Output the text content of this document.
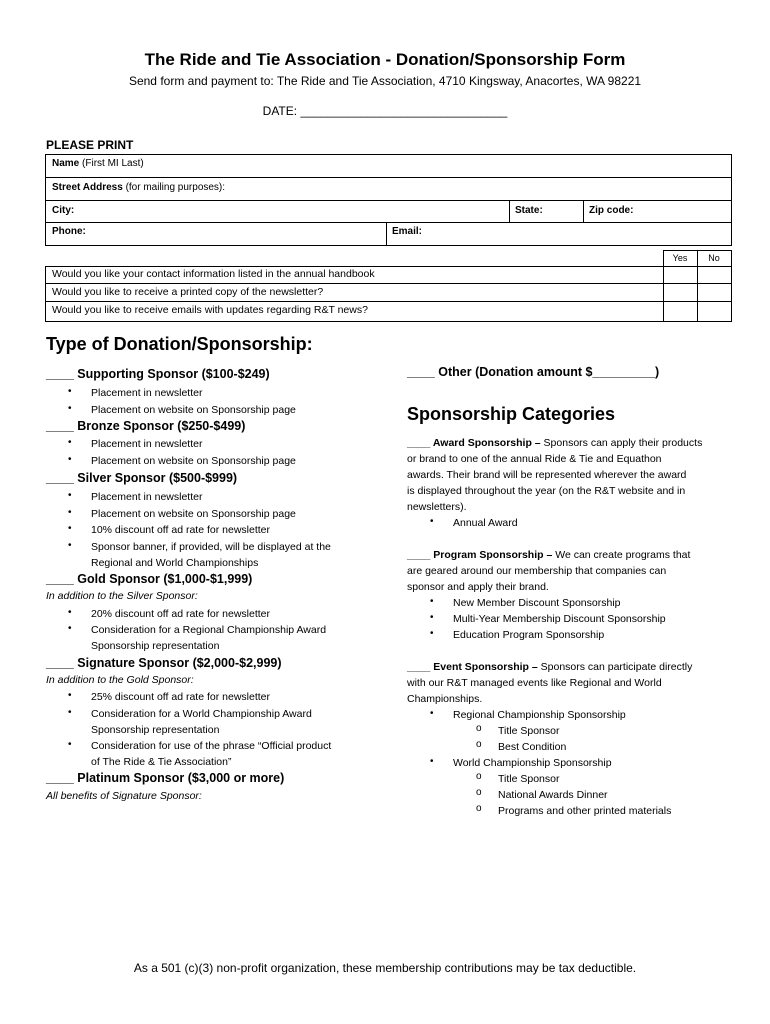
The Ride and Tie Association - Donation/Sponsorship Form
Send form and payment to: The Ride and Tie Association, 4710 Kingsway, Anacortes, WA 98221
DATE: _______________________________
PLEASE PRINT
Name (First MI Last)
Street Address (for mailing purposes):
City:	State:	Zip code:
Phone:	Email:
Yes	No
Would you like your contact information listed in the annual handbook
Would you like to receive a printed copy of the newsletter?
Would you like to receive emails with updates regarding R&T news?
Type of Donation/Sponsorship:
____ Supporting Sponsor ($100-$249)
• Placement in newsletter
• Placement on website on Sponsorship page
____ Bronze Sponsor ($250-$499)
• Placement in newsletter
• Placement on website on Sponsorship page
____ Silver Sponsor ($500-$999)
• Placement in newsletter
• Placement on website on Sponsorship page
• 10% discount off ad rate for newsletter
• Sponsor banner, if provided, will be displayed at the
Regional and World Championships
____ Gold Sponsor ($1,000-$1,999)
In addition to the Silver Sponsor:
• 20% discount off ad rate for newsletter
• Consideration for a Regional Championship Award
Sponsorship representation
____ Signature Sponsor ($2,000-$2,999)
In addition to the Gold Sponsor:
• 25% discount off ad rate for newsletter
• Consideration for a World Championship Award
Sponsorship representation
• Consideration for use of the phrase “Official product
of The Ride & Tie Association”
____ Platinum Sponsor ($3,000 or more)
All benefits of Signature Sponsor:
____ Other (Donation amount $_________)
Sponsorship Categories
____ Award Sponsorship – Sponsors can apply their products
or brand to one of the annual Ride & Tie and Equathon
awards. Their brand will be represented wherever the award
is displayed throughout the year (on the R&T website and in
newsletters).
• Annual Award
____ Program Sponsorship – We can create programs that
are geared around our membership that companies can
sponsor and apply their brand.
• New Member Discount Sponsorship
• Multi-Year Membership Discount Sponsorship
• Education Program Sponsorship
____ Event Sponsorship – Sponsors can participate directly
with our R&T managed events like Regional and World
Championships.
• Regional Championship Sponsorship
o Title Sponsor
o Best Condition
• World Championship Sponsorship
o Title Sponsor
o National Awards Dinner
o Programs and other printed materials
As a 501 (c)(3) non-profit organization, these membership contributions may be tax deductible.
